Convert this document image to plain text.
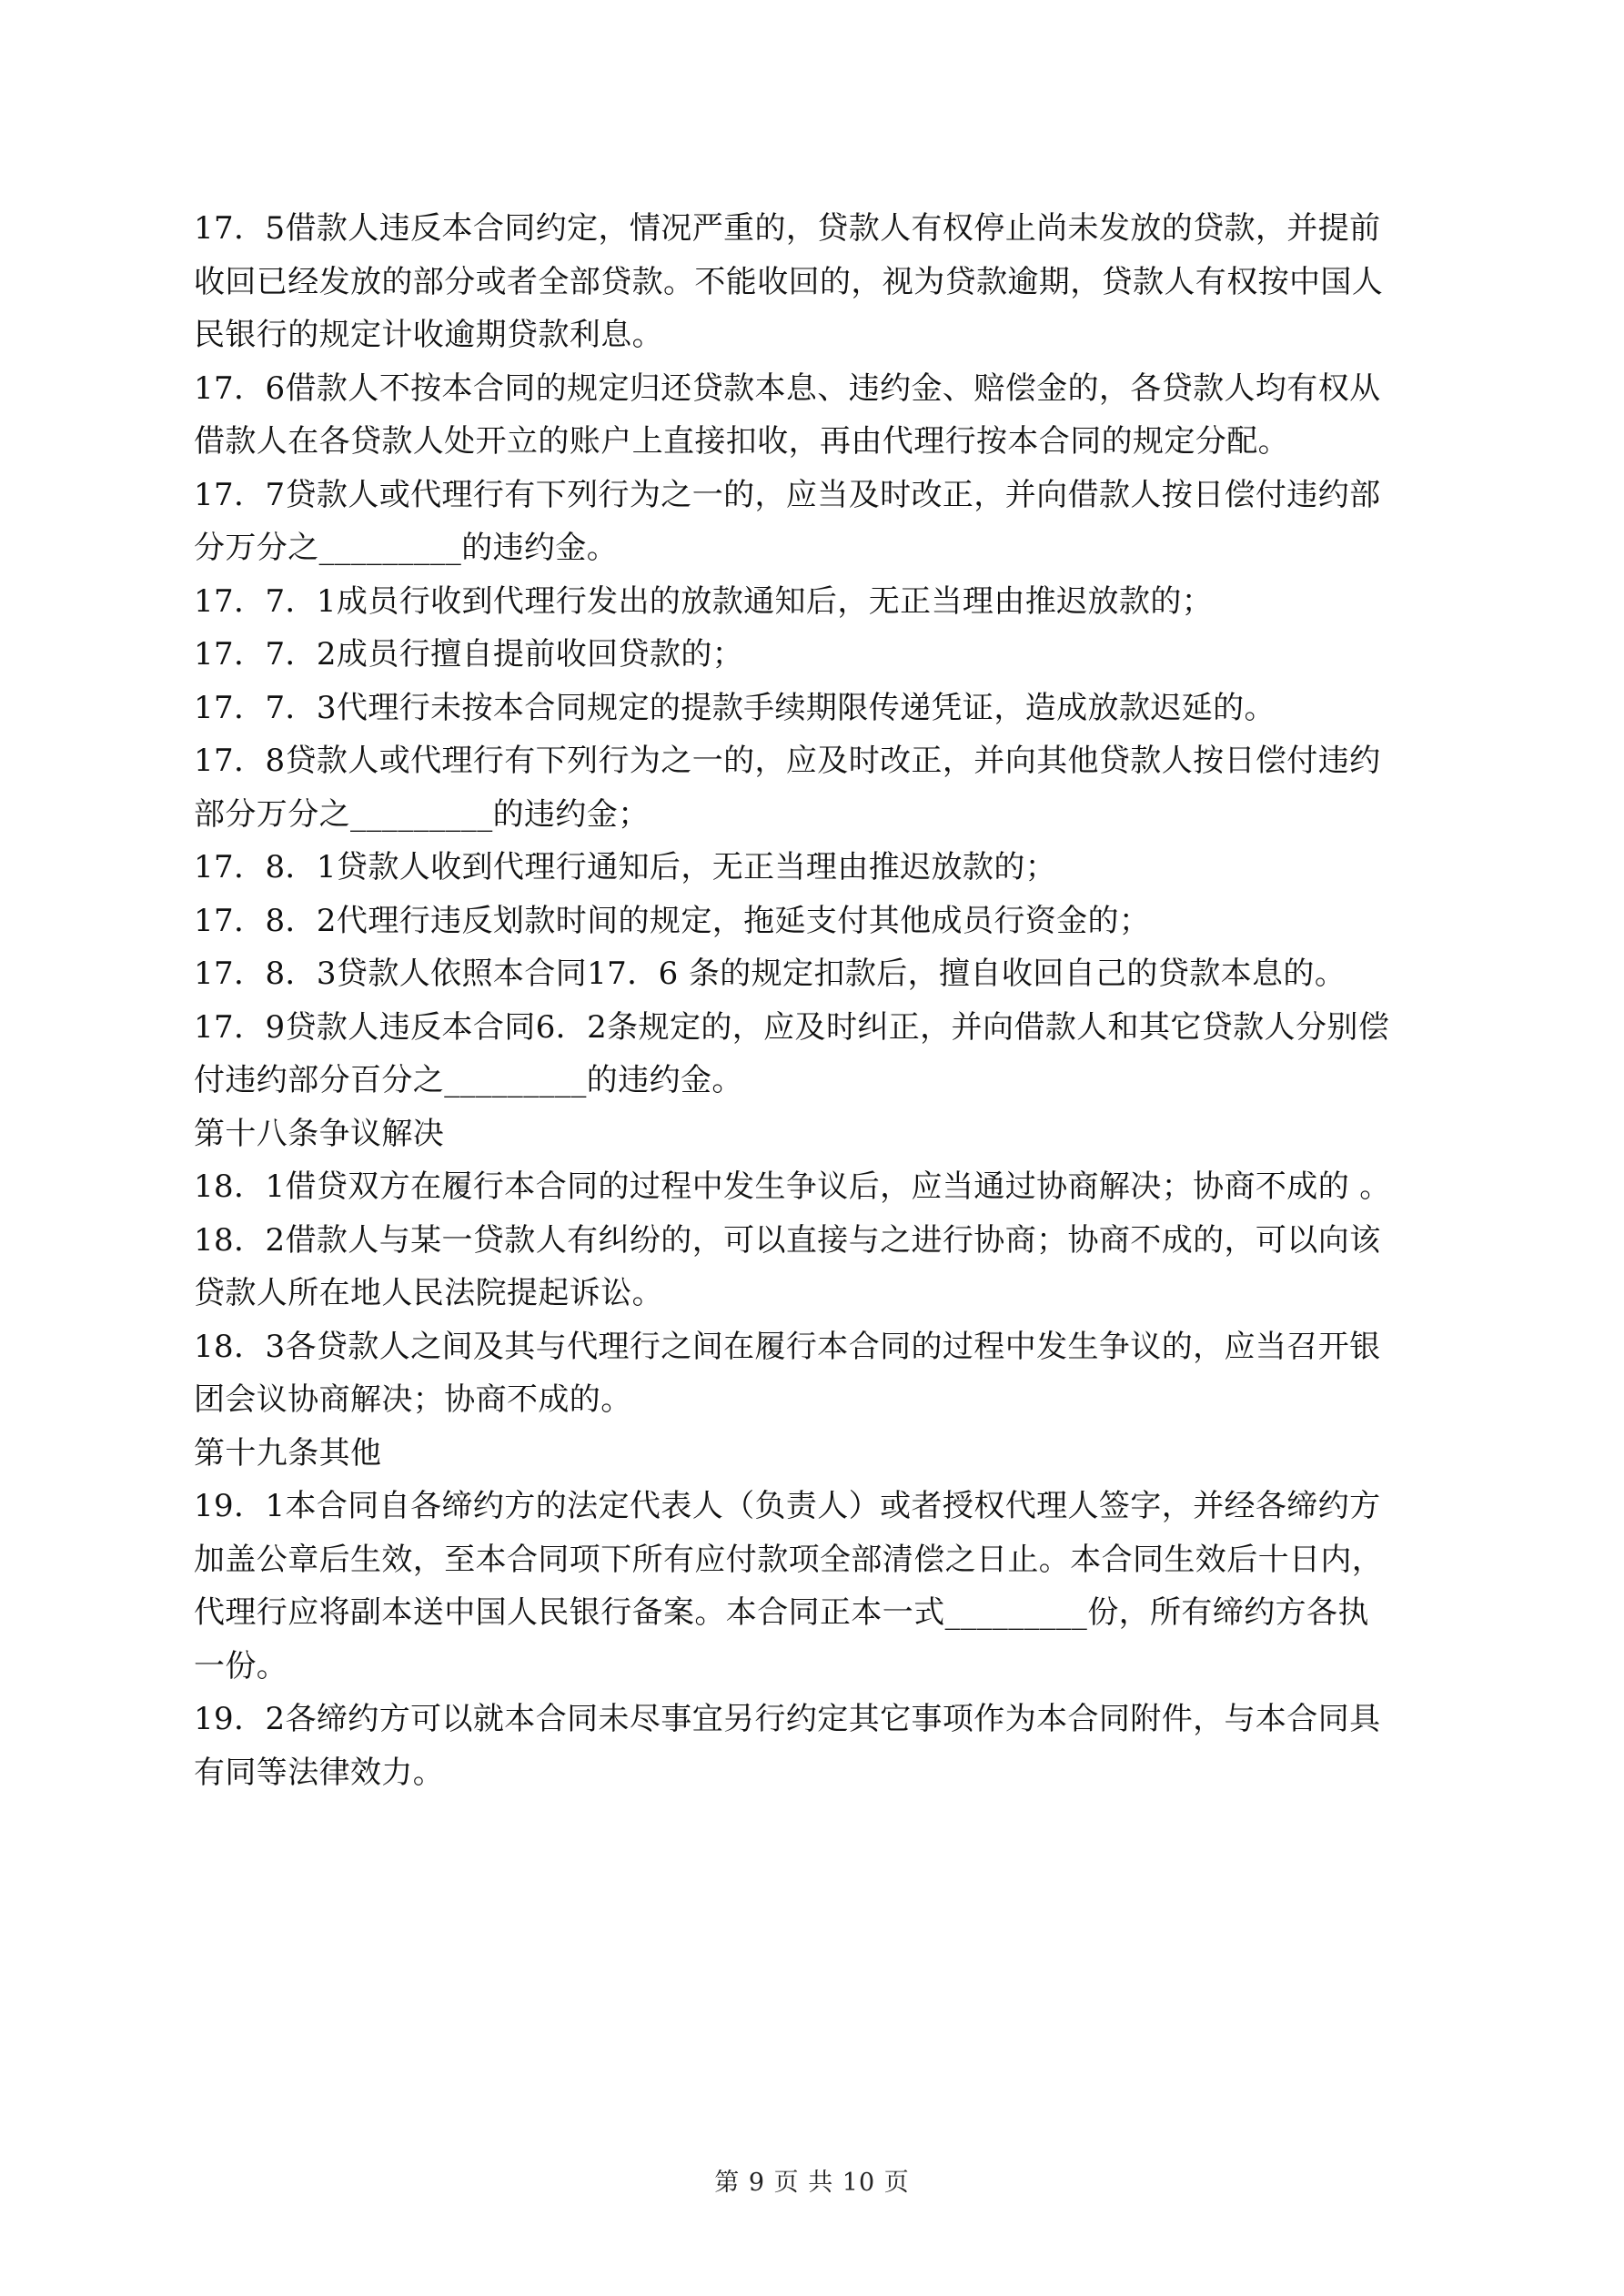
17．5借款人违反本合同约定，情况严重的，贷款人有权停止尚未发放的贷款，并提前
收回已经发放的部分或者全部贷款。不能收回的，视为贷款逾期，贷款人有权按中国人
民银行的规定计收逾期贷款利息。
17．6借款人不按本合同的规定归还贷款本息、违约金、赔偿金的，各贷款人均有权从
借款人在各贷款人处开立的账户上直接扣收，再由代理行按本合同的规定分配。
17．7贷款人或代理行有下列行为之一的，应当及时改正，并向借款人按日偿付违约部
分万分之_________的违约金。
17．7．1成员行收到代理行发出的放款通知后，无正当理由推迟放款的；
17．7．2成员行擅自提前收回贷款的；
17．7．3代理行未按本合同规定的提款手续期限传递凭证，造成放款迟延的。
17．8贷款人或代理行有下列行为之一的，应及时改正，并向其他贷款人按日偿付违约
部分万分之_________的违约金；
17．8．1贷款人收到代理行通知后，无正当理由推迟放款的；
17．8．2代理行违反划款时间的规定，拖延支付其他成员行资金的；
17．8．3贷款人依照本合同17．6 条的规定扣款后，擅自收回自己的贷款本息的。
17．9贷款人违反本合同6．2条规定的，应及时纠正，并向借款人和其它贷款人分别偿
付违约部分百分之_________的违约金。
第十八条争议解决
18．1借贷双方在履行本合同的过程中发生争议后，应当通过协商解决；协商不成的 。
18．2借款人与某一贷款人有纠纷的，可以直接与之进行协商；协商不成的，可以向该
贷款人所在地人民法院提起诉讼。
18．3各贷款人之间及其与代理行之间在履行本合同的过程中发生争议的，应当召开银
团会议协商解决；协商不成的。
第十九条其他
19．1本合同自各缔约方的法定代表人（负责人）或者授权代理人签字，并经各缔约方
加盖公章后生效，至本合同项下所有应付款项全部清偿之日止。本合同生效后十日内，
代理行应将副本送中国人民银行备案。本合同正本一式_________份，所有缔约方各执
一份。
19．2各缔约方可以就本合同未尽事宜另行约定其它事项作为本合同附件，与本合同具
有同等法律效力。
第 9 页 共 10 页
